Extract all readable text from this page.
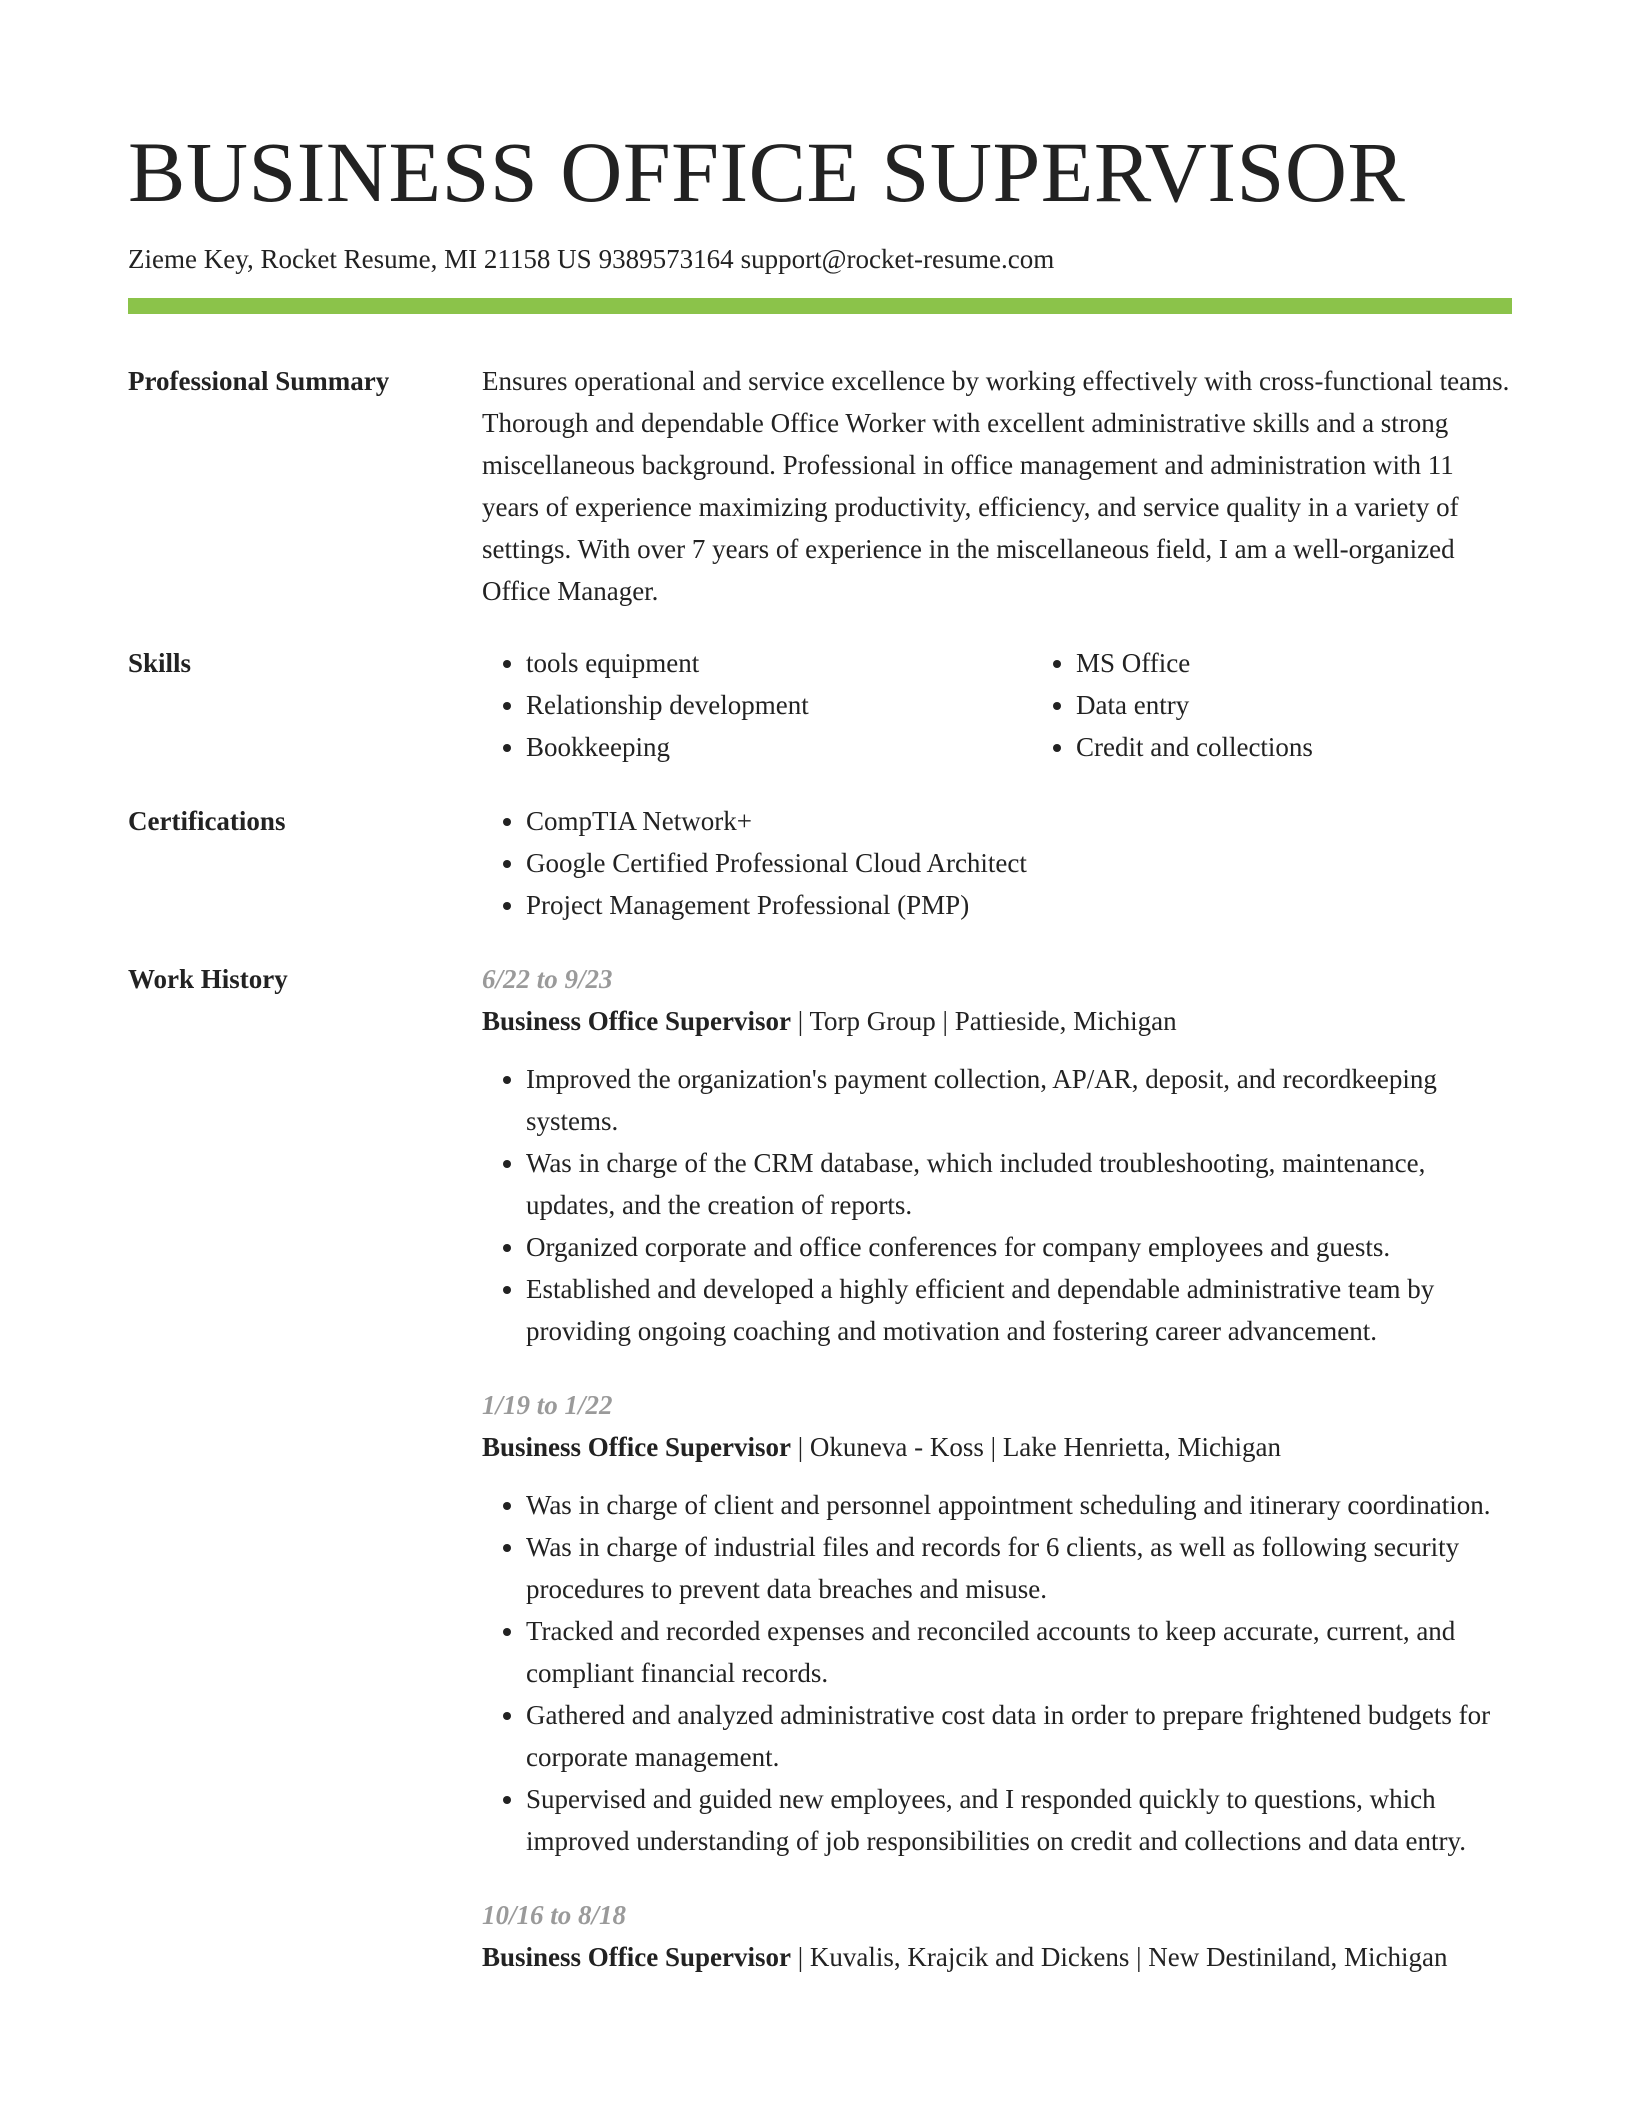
BUSINESS OFFICE SUPERVISOR
Zieme Key, Rocket Resume, MI 21158 US 9389573164 support@rocket-resume.com
Professional Summary	Ensures operational and service excellence by working effectively with cross-functional teams. Thorough and dependable Office Worker with excellent administrative skills and a strong miscellaneous background. Professional in office management and administration with 11 years of experience maximizing productivity, efficiency, and service quality in a variety of settings. With over 7 years of experience in the miscellaneous field, I am a well-organized Office Manager.

Skills	• tools equipment
• Relationship development
• Bookkeeping
• MS Office
• Data entry
• Credit and collections
Certifications	• CompTIA Network+
• Google Certified Professional Cloud Architect
• Project Management Professional (PMP)
Work History	6/22 to 9/23
Business Office Supervisor | Torp Group | Pattieside, Michigan
• Improved the organization's payment collection, AP/AR, deposit, and recordkeeping systems.
• Was in charge of the CRM database, which included troubleshooting, maintenance, updates, and the creation of reports.
• Organized corporate and office conferences for company employees and guests.
• Established and developed a highly efficient and dependable administrative team by providing ongoing coaching and motivation and fostering career advancement.
1/19 to 1/22
Business Office Supervisor | Okuneva - Koss | Lake Henrietta, Michigan
• Was in charge of client and personnel appointment scheduling and itinerary coordination.
• Was in charge of industrial files and records for 6 clients, as well as following security procedures to prevent data breaches and misuse.
• Tracked and recorded expenses and reconciled accounts to keep accurate, current, and compliant financial records.
• Gathered and analyzed administrative cost data in order to prepare frightened budgets for corporate management.
• Supervised and guided new employees, and I responded quickly to questions, which improved understanding of job responsibilities on credit and collections and data entry.
10/16 to 8/18
Business Office Supervisor | Kuvalis, Krajcik and Dickens | New Destiniland, Michigan
